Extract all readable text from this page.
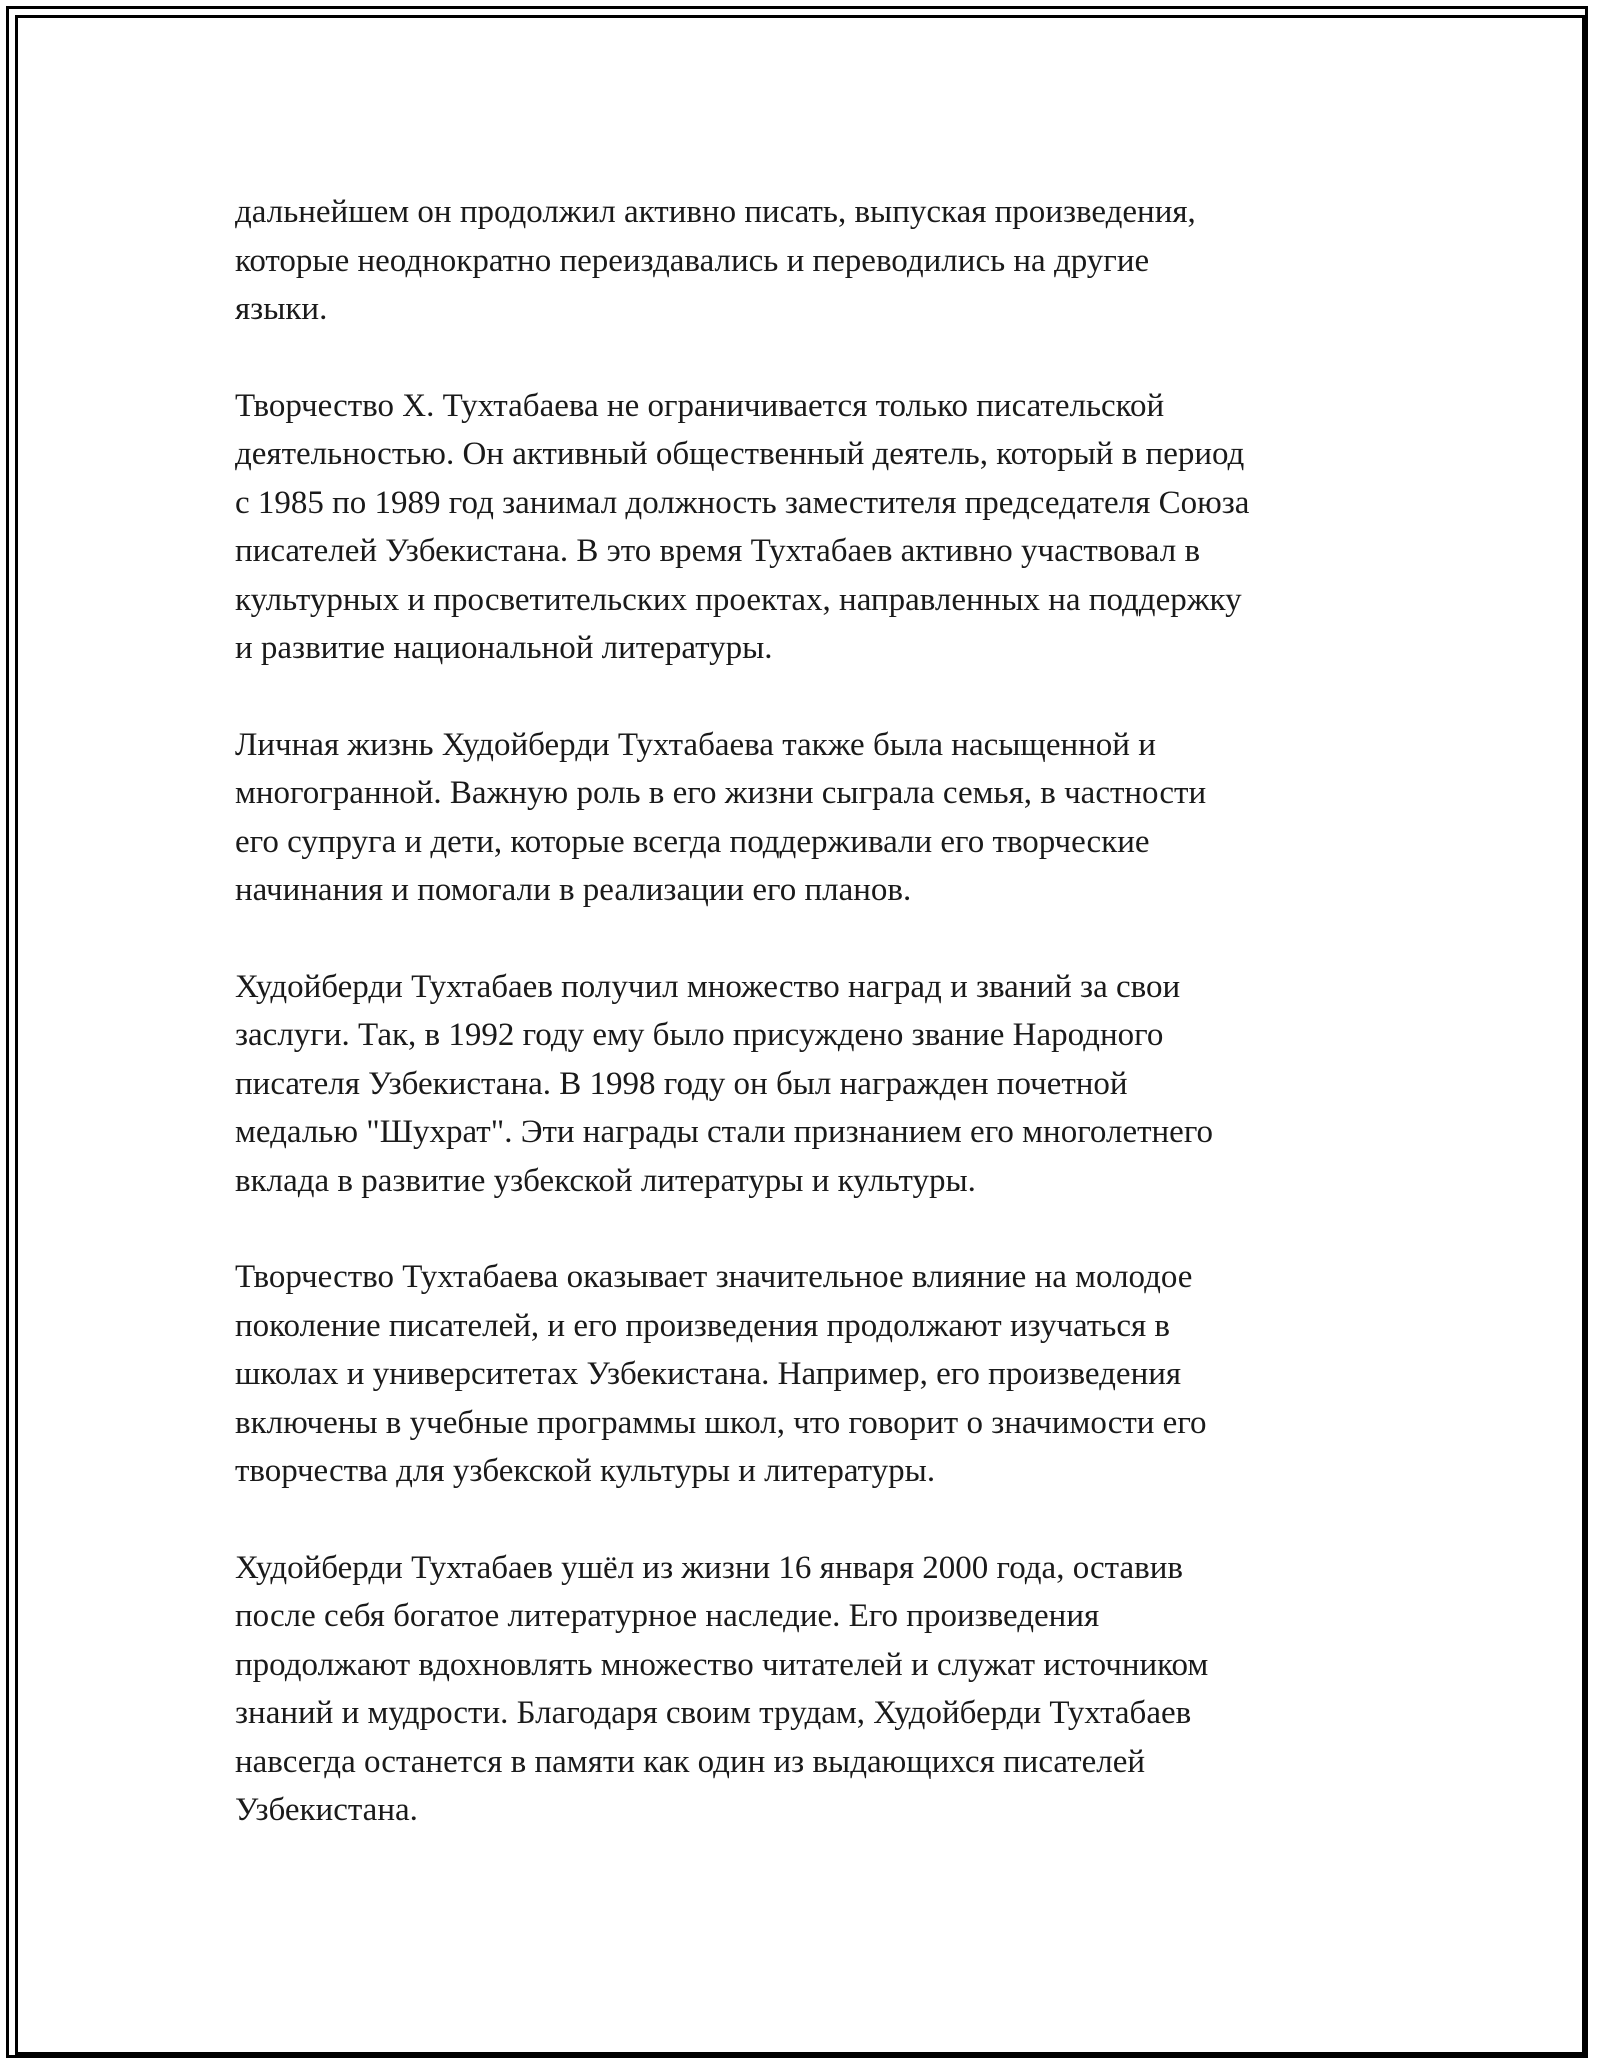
дальнейшем он продолжил активно писать, выпуская произведения,
которые неоднократно переиздавались и переводились на другие
языки.

Творчество Х. Тухтабаева не ограничивается только писательской
деятельностью. Он активный общественный деятель, который в период
с 1985 по 1989 год занимал должность заместителя председателя Союза
писателей Узбекистана. В это время Тухтабаев активно участвовал в
культурных и просветительских проектах, направленных на поддержку
и развитие национальной литературы.

Личная жизнь Худойберди Тухтабаева также была насыщенной и
многогранной. Важную роль в его жизни сыграла семья, в частности
его супруга и дети, которые всегда поддерживали его творческие
начинания и помогали в реализации его планов.

Худойберди Тухтабаев получил множество наград и званий за свои
заслуги. Так, в 1992 году ему было присуждено звание Народного
писателя Узбекистана. В 1998 году он был награжден почетной
медалью "Шухрат". Эти награды стали признанием его многолетнего
вклада в развитие узбекской литературы и культуры.

Творчество Тухтабаева оказывает значительное влияние на молодое
поколение писателей, и его произведения продолжают изучаться в
школах и университетах Узбекистана. Например, его произведения
включены в учебные программы школ, что говорит о значимости его
творчества для узбекской культуры и литературы.

Худойберди Тухтабаев ушёл из жизни 16 января 2000 года, оставив
после себя богатое литературное наследие. Его произведения
продолжают вдохновлять множество читателей и служат источником
знаний и мудрости. Благодаря своим трудам, Худойберди Тухтабаев
навсегда останется в памяти как один из выдающихся писателей
Узбекистана.
